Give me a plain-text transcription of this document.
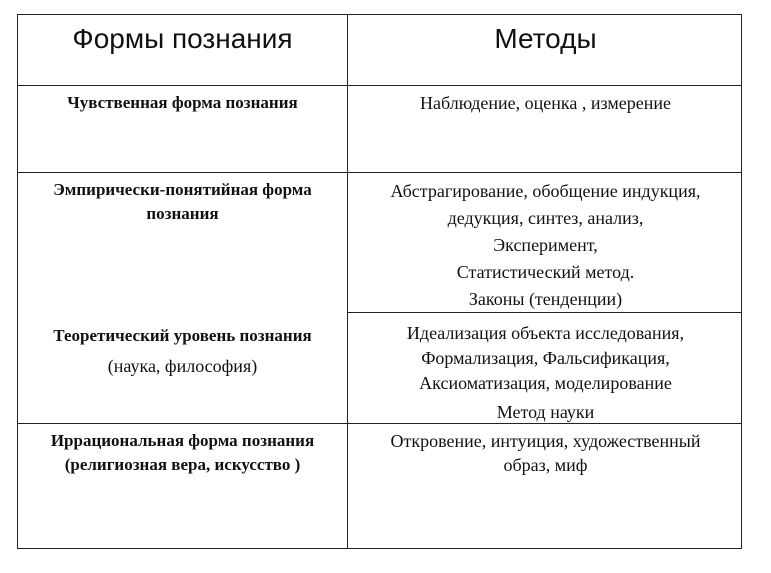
Формы познания	Методы
Чувственная форма познания	Наблюдение, оценка , измерение
Эмпирически-понятийная форма
познания
Абстрагирование, обобщение индукция,
дедукция, синтез, анализ,
Эксперимент,
Статистический метод.
Законы (тенденции)
Теоретический уровень познания
(наука, философия)
Идеализация объекта исследования,
Формализация, Фальсификация,
Аксиоматизация, моделирование
Метод науки
Иррациональная форма познания
(религиозная вера, искусство )
Откровение, интуиция, художественный
образ, миф
